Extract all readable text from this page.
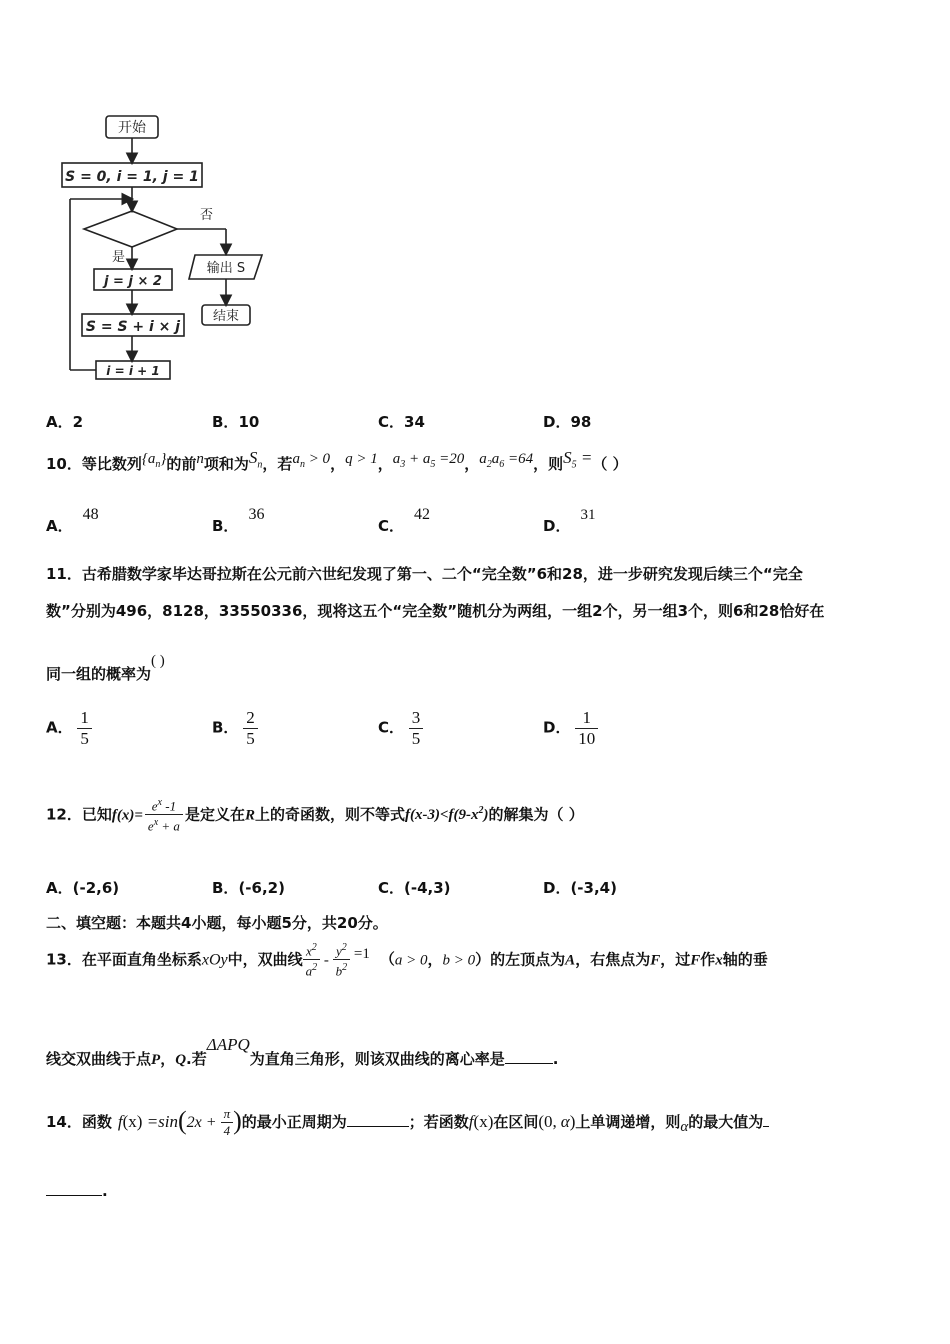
开始
S = 0, i = 1, j = 1
否
输出 S
结束
是
j = j × 2
S = S + i × j
i = i + 1
A．2	B．10	C．34	D．98
10．等比数列$\{a_n\}$的前n项和为$S_n$，若$a_n > 0$，q > 1，$a_3 + a_5 =20$，$a_2a_6 =64$，则$S_5$ =（ ）
A．48
B．36
C．42
D．31
11．古希腊数学家毕达哥拉斯在公元前六世纪发现了第一、二个“完全数”6和28，进一步研究发现后续三个“完全
数”分别为496，8128，33550336，现将这五个“完全数”随机分为两组，一组2个，另一组3个，则6和28恰好在
同一组的概率为( )
A． $\frac{1}{5}$	B． $\frac{2}{5}$	C． $\frac{3}{5}$	D． $\frac{1}{10}$
12．已知$f(x)= \frac{e^x -1}{e^x + a}$ 是定义在R上的奇函数，则不等式$f(x-3)<f(9-x^2)$的解集为（ ）
A．(-2,6)	B．(-6,2)	C．(-4,3)	D．(-3,4)
二、填空题：本题共4小题，每小题5分，共20分。
13．在平面直角坐标系xOy中，双曲线 $\frac{x^2}{a^2} - \frac{y^2}{b^2} =1$ （a > 0，b > 0）的左顶点为A，右焦点为F，过F作x轴的垂
线交双曲线于点P，Q.若ΔAPQ为直角三角形，则该双曲线的离心率是	.
14．函数 $f(x) =\sin(2x + \frac{\pi}{4}$ )的最小正周期为	；若函数f(x)在区间(0, α)上单调递增，则α的最大值为
.
